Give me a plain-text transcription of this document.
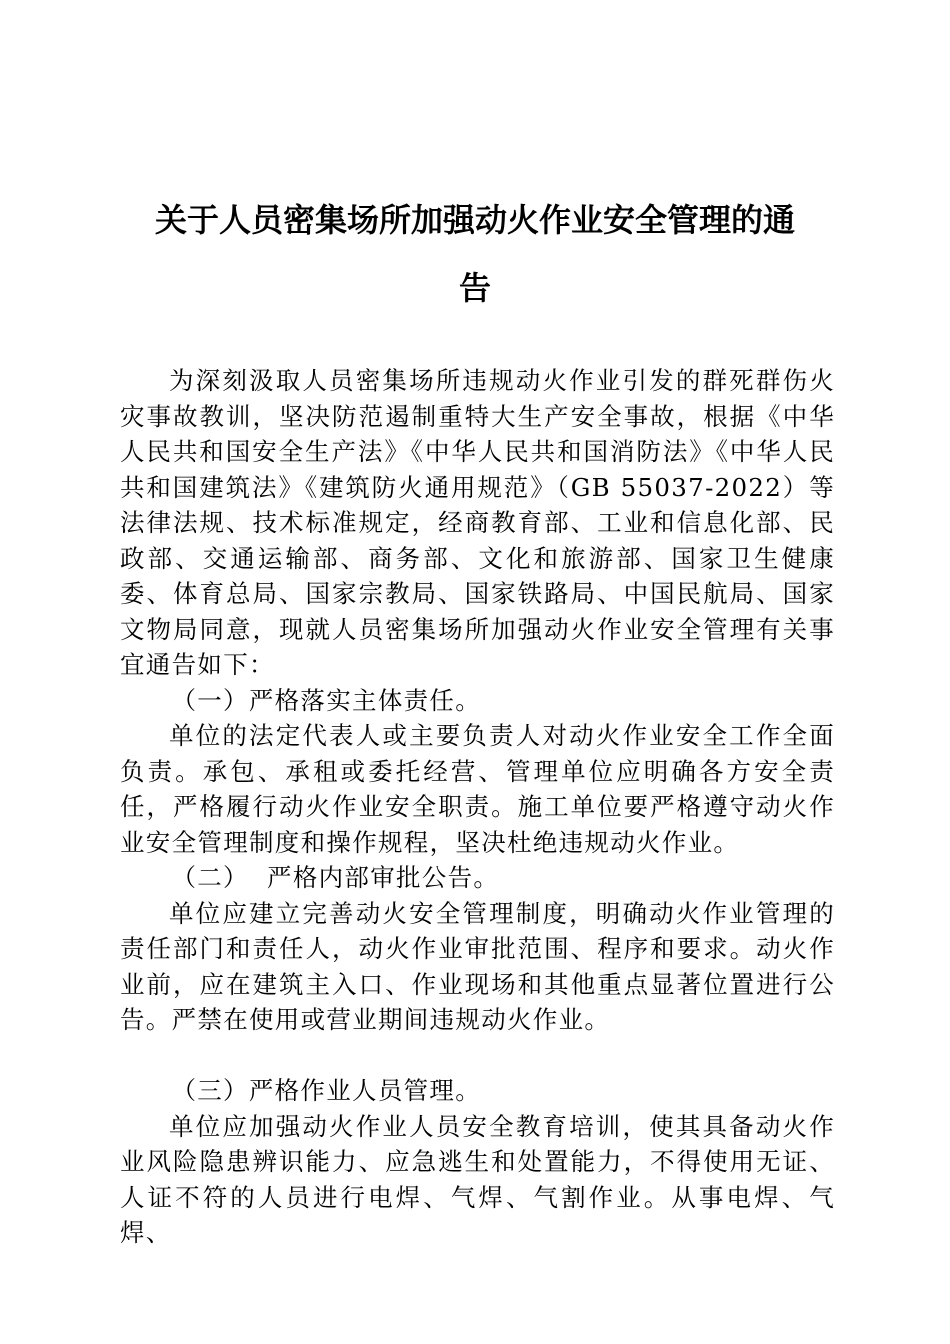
关于人员密集场所加强动火作业安全管理的通
告

为深刻汲取人员密集场所违规动火作业引发的群死群伤火灾事故教训，坚决防范遏制重特大生产安全事故，根据《中华人民共和国安全生产法》《中华人民共和国消防法》《中华人民共和国建筑法》《建筑防火通用规范》（GB 55037-2022）等法律法规、技术标准规定，经商教育部、工业和信息化部、民政部、交通运输部、商务部、文化和旅游部、国家卫生健康委、体育总局、国家宗教局、国家铁路局、中国民航局、国家文物局同意，现就人员密集场所加强动火作业安全管理有关事宜通告如下：

（一）严格落实主体责任。

单位的法定代表人或主要负责人对动火作业安全工作全面负责。承包、承租或委托经营、管理单位应明确各方安全责任，严格履行动火作业安全职责。施工单位要严格遵守动火作业安全管理制度和操作规程，坚决杜绝违规动火作业。

（二）  严格内部审批公告。

单位应建立完善动火安全管理制度，明确动火作业管理的责任部门和责任人，动火作业审批范围、程序和要求。动火作业前，应在建筑主入口、作业现场和其他重点显著位置进行公告。严禁在使用或营业期间违规动火作业。

（三）严格作业人员管理。

单位应加强动火作业人员安全教育培训，使其具备动火作业风险隐患辨识能力、应急逃生和处置能力，不得使用无证、人证不符的人员进行电焊、气焊、气割作业。从事电焊、气焊、
